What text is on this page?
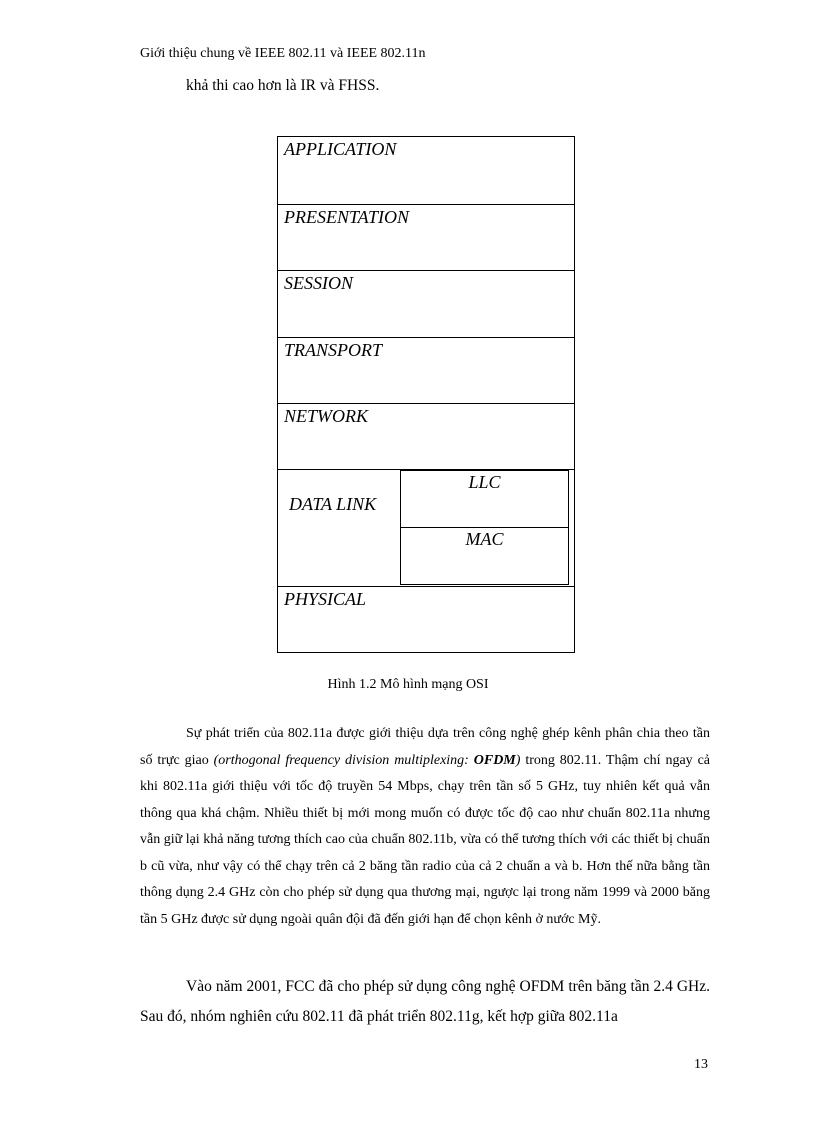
Giới thiệu chung về IEEE 802.11 và IEEE 802.11n
khả thi cao hơn là IR và FHSS.
APPLICATION
PRESENTATION
SESSION
TRANSPORT
NETWORK
DATA LINK
LLC
MAC
PHYSICAL
Hình 1.2 Mô hình mạng OSI

Sự phát triển của 802.11a được giới thiệu dựa trên công nghệ ghép kênh phân chia theo tần số trực giao (orthogonal frequency division multiplexing: OFDM) trong 802.11. Thậm chí ngay cả khi 802.11a giới thiệu với tốc độ truyền 54 Mbps, chạy trên tần số 5 GHz, tuy nhiên kết quả vẫn thông qua khá chậm. Nhiều thiết bị mới mong muốn có được tốc độ cao như chuẩn 802.11a nhưng vẫn giữ lại khả năng tương thích cao của chuẩn 802.11b, vừa có thể tương thích với các thiết bị chuẩn b cũ vừa, như vậy có thể chạy trên cả 2 băng tần radio của cả 2 chuẩn a và b. Hơn thế nữa bằng tần thông dụng 2.4 GHz còn cho phép sử dụng qua thương mại, ngược lại trong năm 1999 và 2000 băng tần 5 GHz được sử dụng ngoài quân đội đã đến giới hạn để chọn kênh ở nước Mỹ.

Vào năm 2001, FCC đã cho phép sử dụng công nghệ OFDM trên băng tần 2.4 GHz. Sau đó, nhóm nghiên cứu 802.11 đã phát triển 802.11g, kết hợp giữa 802.11a

13
